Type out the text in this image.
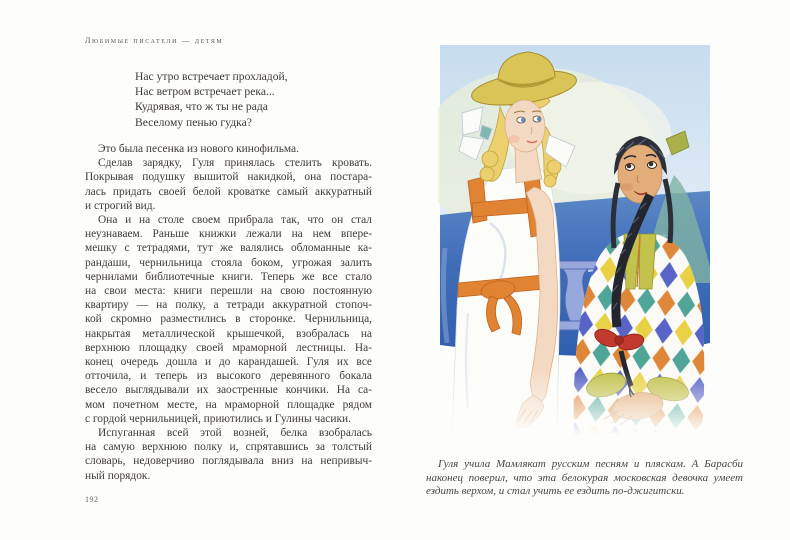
Любимые писатели — детям
Нас утро встречает прохладой,
Нас ветром встречает река...
Кудрявая, что ж ты не рада
Веселому пенью гудка?
Это была песенка из нового кинофильма.
Сделав зарядку, Гуля принялась стелить кровать.
Покрывая подушку вышитой накидкой, она постара-
лась придать своей белой кроватке самый аккуратный
и строгий вид.
Она и на столе своем прибрала так, что он стал
неузнаваем. Раньше книжки лежали на нем впере-
мешку с тетрадями, тут же валялись обломанные ка-
рандаши, чернильница стояла боком, угрожая залить
чернилами библиотечные книги. Теперь же все стало
на свои места: книги перешли на свою постоянную
квартиру — на полку, а тетради аккуратной стопоч-
кой скромно разместились в сторонке. Чернильница,
накрытая металлической крышечкой, взобралась на
верхнюю площадку своей мраморной лестницы. На-
конец очередь дошла и до карандашей. Гуля их все
отточила, и теперь из высокого деревянного бокала
весело выглядывали их заостренные кончики. На са-
мом почетном месте, на мраморной площадке рядом
с гордой чернильницей, приютились и Гулины часики.
Испуганная всей этой возней, белка взобралась
на самую верхнюю полку и, спрятавшись за толстый
словарь, недоверчиво поглядывала вниз на непривыч-
ный порядок.
192
Гуля учила Мамлякат русским песням и пляскам. А Барасби
наконец поверил, что эта белокурая московская девочка умеет
ездить верхом, и стал учить ее ездить по-джигитски.
